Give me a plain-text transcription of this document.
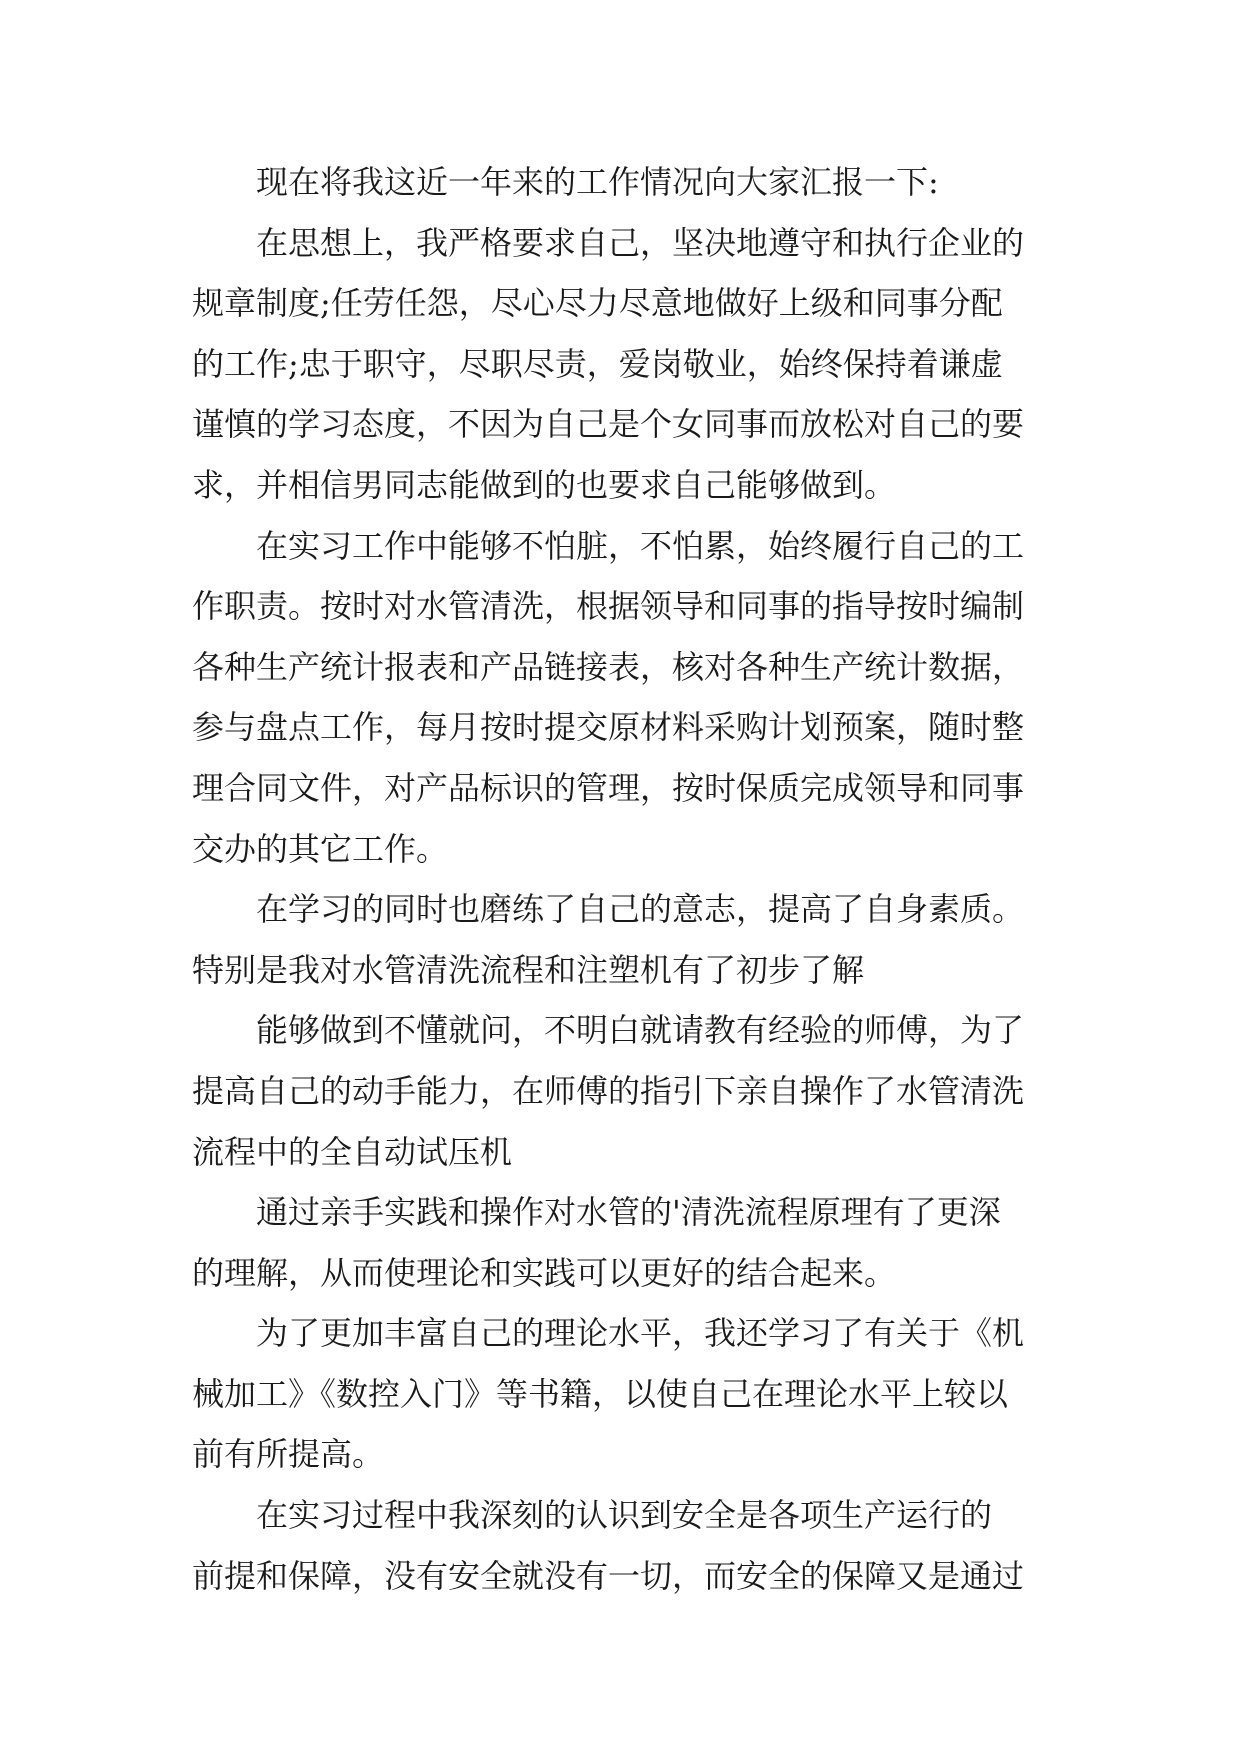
现在将我这近一年来的工作情况向大家汇报一下:
在思想上，我严格要求自己，坚决地遵守和执行企业的
规章制度;任劳任怨，尽心尽力尽意地做好上级和同事分配
的工作;忠于职守，尽职尽责，爱岗敬业，始终保持着谦虚
谨慎的学习态度，不因为自己是个女同事而放松对自己的要
求，并相信男同志能做到的也要求自己能够做到。
在实习工作中能够不怕脏，不怕累，始终履行自己的工
作职责。按时对水管清洗，根据领导和同事的指导按时编制
各种生产统计报表和产品链接表，核对各种生产统计数据，
参与盘点工作，每月按时提交原材料采购计划预案，随时整
理合同文件，对产品标识的管理，按时保质完成领导和同事
交办的其它工作。
在学习的同时也磨练了自己的意志，提高了自身素质。
特别是我对水管清洗流程和注塑机有了初步了解
能够做到不懂就问，不明白就请教有经验的师傅，为了
提高自己的动手能力，在师傅的指引下亲自操作了水管清洗
流程中的全自动试压机
通过亲手实践和操作对水管的'清洗流程原理有了更深
的理解，从而使理论和实践可以更好的结合起来。
为了更加丰富自己的理论水平，我还学习了有关于《机
械加工》《数控入门》等书籍，以使自己在理论水平上较以
前有所提高。
在实习过程中我深刻的认识到安全是各项生产运行的
前提和保障，没有安全就没有一切，而安全的保障又是通过
